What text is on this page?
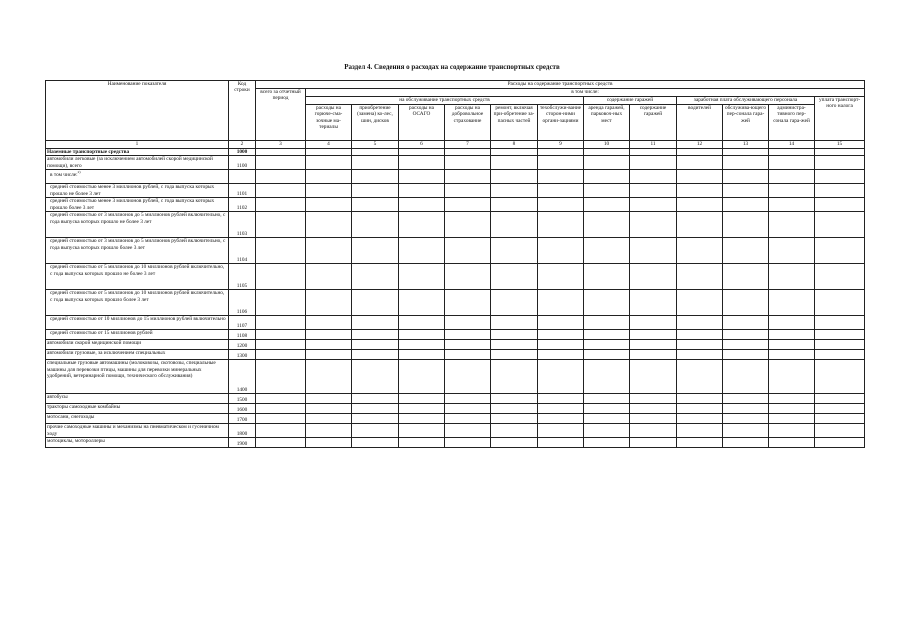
Раздел 4. Сведения о расходах на содержание транспортных средств
Наименование показателя	Код строки	Расходы на содержание транспортных средств												
		всего за отчетный период	в том числе:											
			на обслуживание транспортных средств						содержание гаражей		заработная плата обслуживающего персонала			уплата транспорт-ного налога
			расходы на горюче-сма-зочные ма-териалы	приобретение (замена) ко-лес, шин, дисков	расходы на ОСАГО	расходы на добровольное страхование	ремонт, включая при-обретение за-пасных частей	техобслужи-вание сторон-ними органи-зациями	аренда гаражей, парковоч-ных мест	содержание гаражей	водителей	обслужива-ющего пер-сонала гара-жей	администра-тивного пер-сонала гара-жей	
1	2	3	4	5	6	7	8	9	10	11	12	13	14	15
Наземные транспортные средства	1000													
автомобили легковые (за исключением автомобилей скорой медицинской помощи), всего	1100													
в том числе:$^{2)}$														
средней стоимостью менее 3 миллионов рублей, с года выпуска которых прошло не более 3 лет	1101													
средней стоимостью менее 3 миллионов рублей, с года выпуска которых прошло более 3 лет	1102													
средней стоимостью от 3 миллионов до 5 миллионов рублей включительно, с года выпуска которых прошло не более 3 лет	1103													
средней стоимостью от 3 миллионов до 5 миллионов рублей включительно, с года выпуска которых прошло более 3 лет	1104													
средней стоимостью от 5 миллионов до 10 миллионов рублей включительно, с года выпуска которых прошло не более 3 лет	1105													
средней стоимостью от 5 миллионов до 10 миллионов рублей включительно, с года выпуска которых прошло более 3 лет	1106													
средней стоимостью от 10 миллионов до 15 миллионов рублей включительно	1107													
средней стоимостью от 15 миллионов рублей	1108													
автомобили скорой медицинской помощи	1200													
автомобили грузовые, за исключением специальных	1300													
специальные грузовые автомашины (молоковозы, скотовозы, специальные машины для перевозки птицы, машины для перевозки минеральных удобрений, ветеринарной помощи, технического обслуживания)	1400													
автобусы	1500													
тракторы самоходные комбайны	1600													
мотосани, снегоходы	1700													
прочие самоходные машины и механизмы на пневматическом и гусеничном ходу	1800													
мотоциклы, мотороллеры	1900													
